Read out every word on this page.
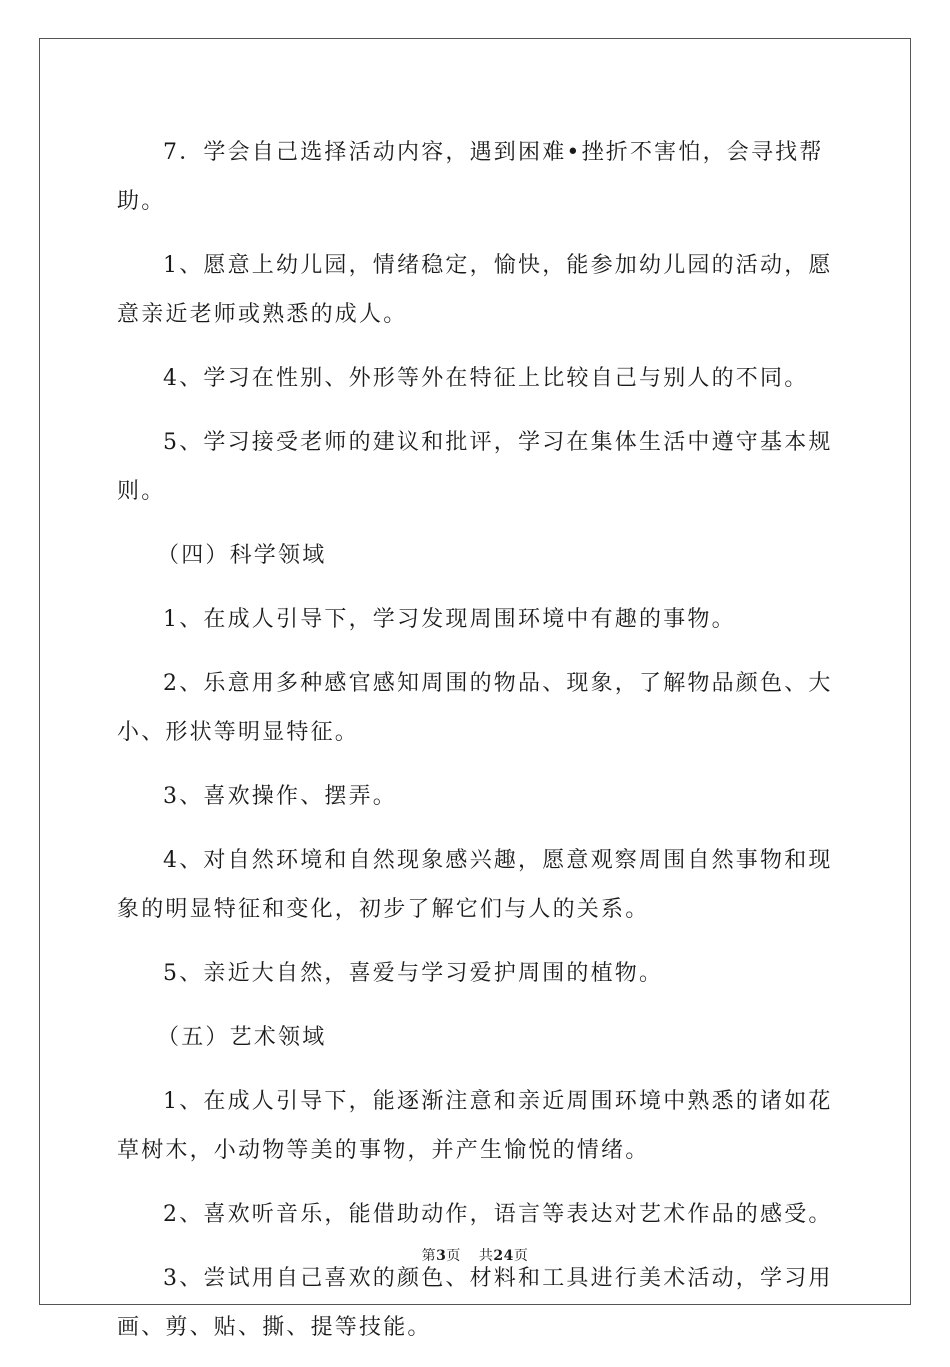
7．学会自己选择活动内容，遇到困难•挫折不害怕，会寻找帮助。

1、愿意上幼儿园，情绪稳定，愉快，能参加幼儿园的活动，愿意亲近老师或熟悉的成人。

4、学习在性别、外形等外在特征上比较自己与别人的不同。

5、学习接受老师的建议和批评，学习在集体生活中遵守基本规则。

（四）科学领域

1、在成人引导下，学习发现周围环境中有趣的事物。

2、乐意用多种感官感知周围的物品、现象，了解物品颜色、大小、形状等明显特征。

3、喜欢操作、摆弄。

4、对自然环境和自然现象感兴趣，愿意观察周围自然事物和现象的明显特征和变化，初步了解它们与人的关系。

5、亲近大自然，喜爱与学习爱护周围的植物。

（五）艺术领域

1、在成人引导下，能逐渐注意和亲近周围环境中熟悉的诸如花草树木，小动物等美的事物，并产生愉悦的情绪。

2、喜欢听音乐，能借助动作，语言等表达对艺术作品的感受。

3、尝试用自己喜欢的颜色、材料和工具进行美术活动，学习用画、剪、贴、撕、提等技能。

第3页 共24页
